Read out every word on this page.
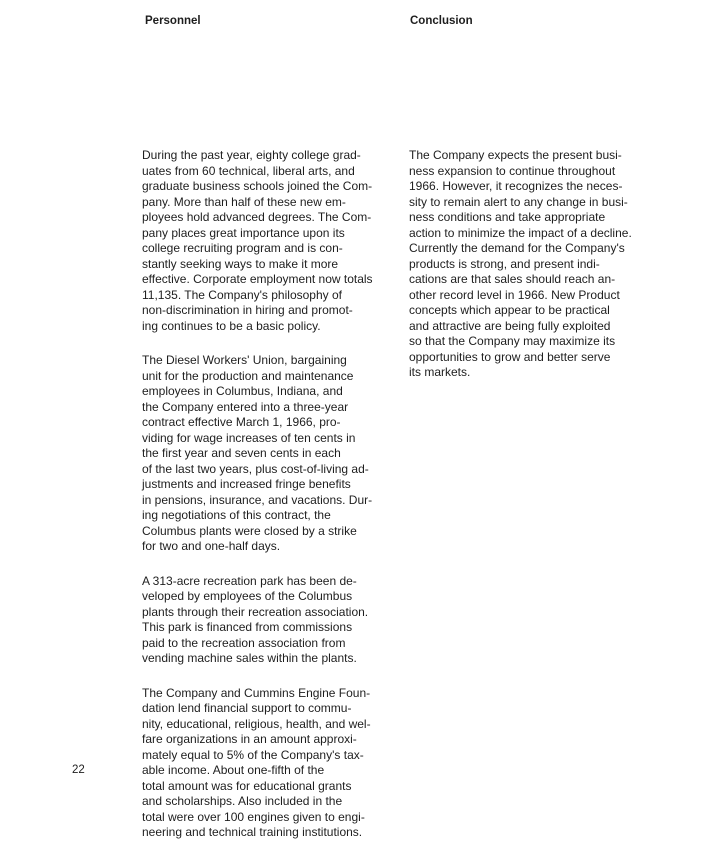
Personnel	Conclusion

During the past year, eighty college grad-
uates from 60 technical, liberal arts, and
graduate business schools joined the Com-
pany. More than half of these new em-
ployees hold advanced degrees. The Com-
pany places great importance upon its
college recruiting program and is con-
stantly seeking ways to make it more
effective. Corporate employment now totals
11,135. The Company's philosophy of
non-discrimination in hiring and promot-
ing continues to be a basic policy.

The Diesel Workers' Union, bargaining
unit for the production and maintenance
employees in Columbus, Indiana, and
the Company entered into a three-year
contract effective March 1, 1966, pro-
viding for wage increases of ten cents in
the first year and seven cents in each
of the last two years, plus cost-of-living ad-
justments and increased fringe benefits
in pensions, insurance, and vacations. Dur-
ing negotiations of this contract, the
Columbus plants were closed by a strike
for two and one-half days.

A 313-acre recreation park has been de-
veloped by employees of the Columbus
plants through their recreation association.
This park is financed from commissions
paid to the recreation association from
vending machine sales within the plants.

The Company and Cummins Engine Foun-
dation lend financial support to commu-
nity, educational, religious, health, and wel-
fare organizations in an amount approxi-
mately equal to 5% of the Company's tax-
able income. About one-fifth of the
total amount was for educational grants
and scholarships. Also included in the
total were over 100 engines given to engi-
neering and technical training institutions.

The Company expects the present busi-
ness expansion to continue throughout
1966. However, it recognizes the neces-
sity to remain alert to any change in busi-
ness conditions and take appropriate
action to minimize the impact of a decline.
Currently the demand for the Company's
products is strong, and present indi-
cations are that sales should reach an-
other record level in 1966. New Product
concepts which appear to be practical
and attractive are being fully exploited
so that the Company may maximize its
opportunities to grow and better serve
its markets.

22
